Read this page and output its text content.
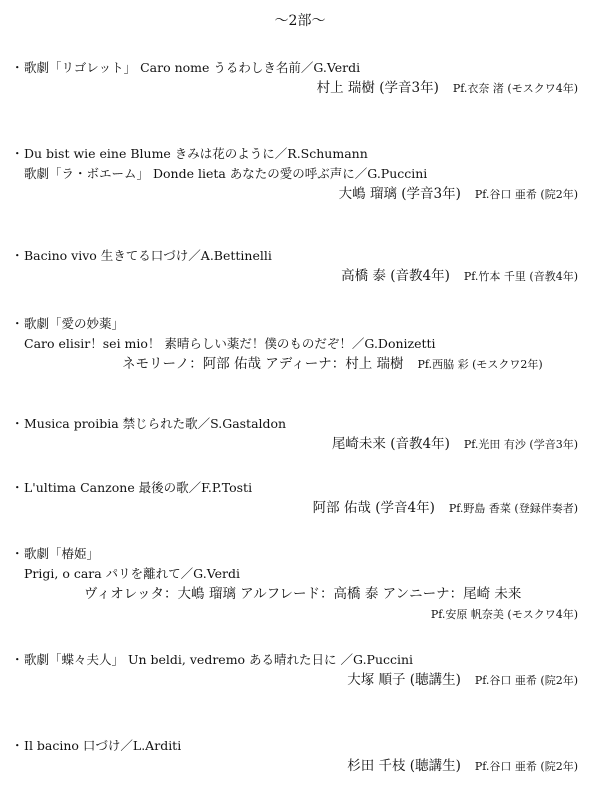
～2部～
・歌劇「リゴレット」 Caro nome うるわしき名前／G.Verdi
村上 瑞樹 (学音3年) Pf.衣奈 渚 (モスクワ4年)
・Du bist wie eine Blume きみは花のように／R.Schumann
歌劇「ラ・ボエーム」 Donde lieta あなたの愛の呼ぶ声に／G.Puccini
大嶋 瑠璃 (学音3年) Pf.谷口 亜希 (院2年)
・Bacino vivo 生きてる口づけ／A.Bettinelli
高橋 泰 (音教4年) Pf.竹本 千里 (音教4年)
・歌劇「愛の妙薬」
Caro elisir！sei mio！ 素晴らしい薬だ！僕のものだぞ！／G.Donizetti
ネモリーノ：阿部 佑哉 アディーナ：村上 瑞樹 Pf.西脇 彩 (モスクワ2年)
・Musica proibia 禁じられた歌／S.Gastaldon
尾崎未来 (音教4年) Pf.光田 有沙 (学音3年)
・L'ultima Canzone 最後の歌／F.P.Tosti
阿部 佑哉 (学音4年) Pf.野島 香菜 (登録伴奏者)
・歌劇「椿姫」
Prigi, o cara パリを離れて／G.Verdi
ヴィオレッタ：大嶋 瑠璃 アルフレード：高橋 泰 アンニーナ：尾崎 未来
Pf.安原 帆奈美 (モスクワ4年)
・歌劇「蝶々夫人」 Un beldi, vedremo ある晴れた日に ／G.Puccini
大塚 順子 (聴講生) Pf.谷口 亜希 (院2年)
・Il bacino 口づけ／L.Arditi
杉田 千枝 (聴講生) Pf.谷口 亜希 (院2年)
